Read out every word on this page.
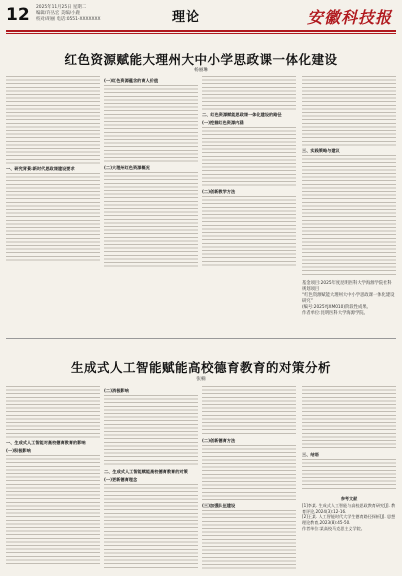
12 2025年11月25日 星期二
编辑/许丛宏 美编/小鹿
校对/胡丽 电话:0551-XXXXXXX	理论	安徽科技报
红色资源赋能大理州大中小学思政课一体化建设
杨丽琳
一、研究背景:新时代思政课建设要求
(一)红色资源蕴含的育人价值
(二)大理州红色资源概况
二、红色资源赋能思政课一体化建设的路径
(一)挖掘红色资源内涵
(二)创新教学方法
三、实践策略与建议
基金项目:2025年度昆明医科大学海源学院社科规划项目
“红色资源赋能大理州大中小学思政课一体化建设研究”
(编号:2025YJXM010)阶段性成果。
作者单位:昆明医科大学海源学院。
生成式人工智能赋能高校德育教育的对策分析
张楠
一、生成式人工智能对高校德育教育的影响
(一)积极影响
(二)消极影响
二、生成式人工智能赋能高校德育教育的对策
(一)更新德育理念
(二)创新德育方法
(三)加强队伍建设
三、结语
参考文献
[1]李某. 生成式人工智能与高校思政教育研究[J]. 教育评论,2024(3):12-16.
[2]王某. 人工智能时代大学生德育路径探析[J]. 思想理论教育,2023(8):45-50.
作者单位:某高校马克思主义学院。
